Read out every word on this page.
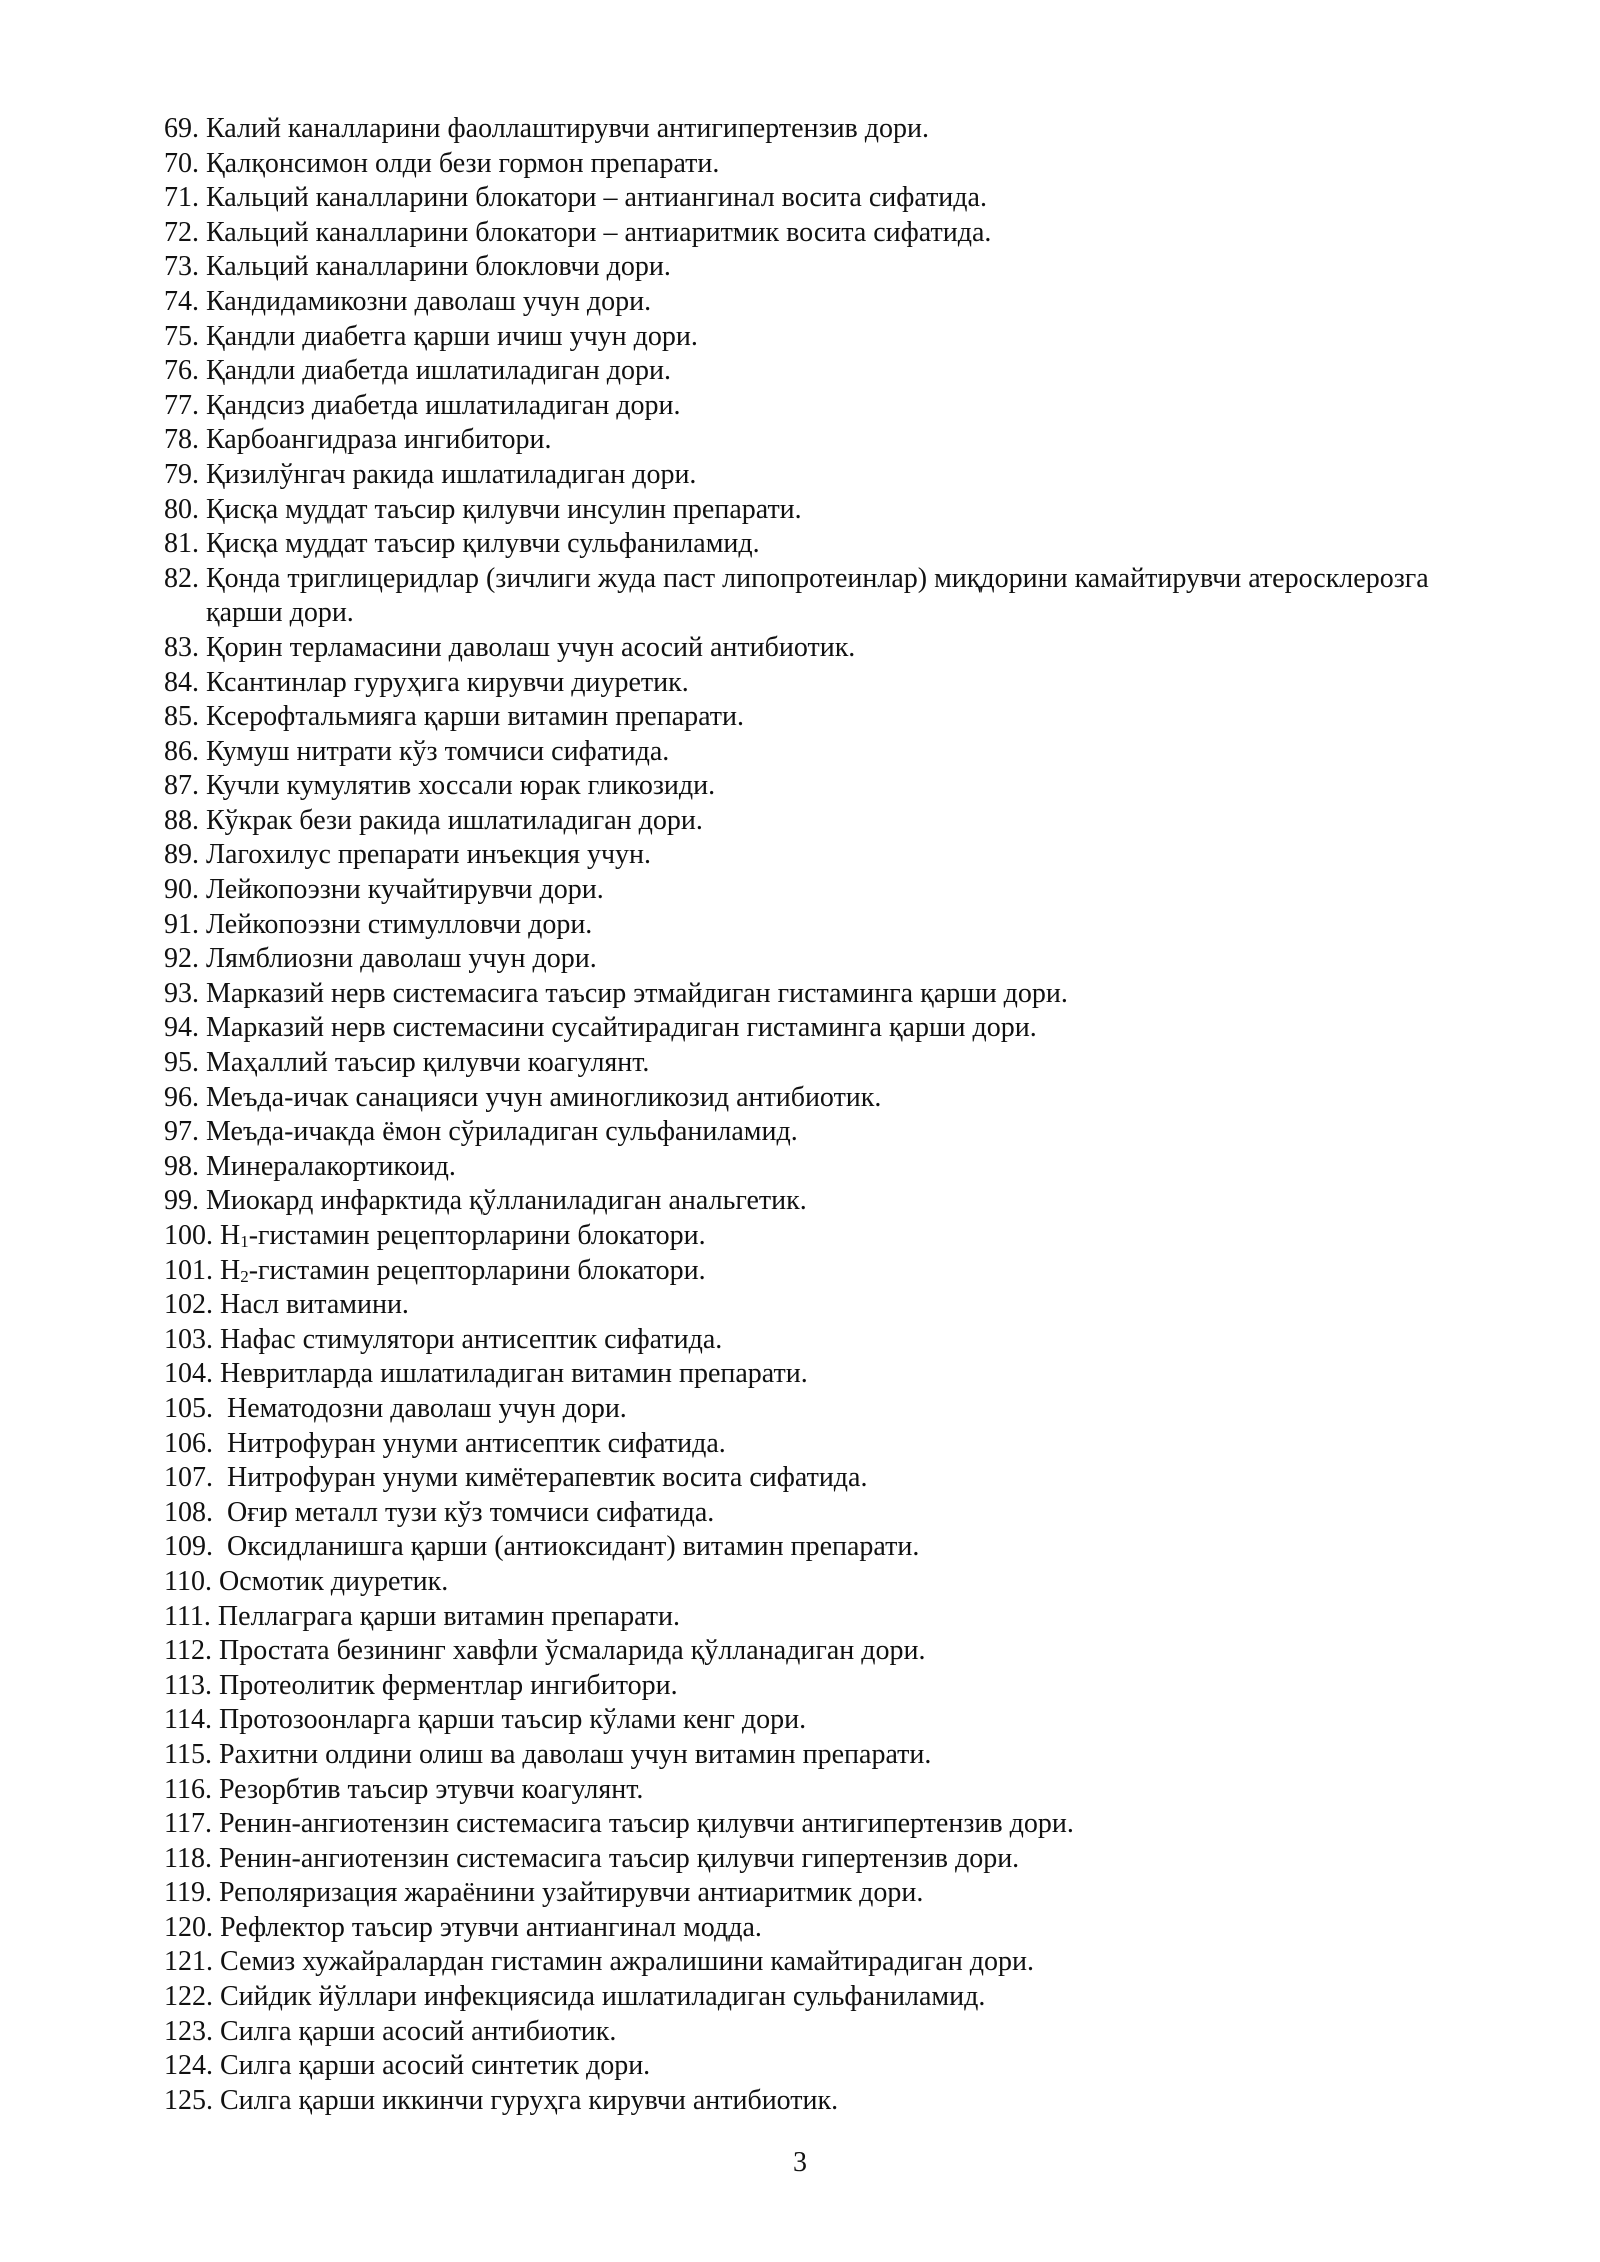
69. Калий каналларини фаоллаштирувчи антигипертензив дори.
70. Қалқонсимон олди бези гормон препарати.
71. Кальций каналларини блокатори – антиангинал восита сифатида.
72. Кальций каналларини блокатори – антиаритмик восита сифатида.
73. Кальций каналларини блокловчи дори.
74. Кандидамикозни даволаш учун дори.
75. Қандли диабетга қарши ичиш учун дори.
76. Қандли диабетда ишлатиладиган дори.
77. Қандсиз диабетда ишлатиладиган дори.
78. Карбоангидраза ингибитори.
79. Қизилўнгач ракида ишлатиладиган дори.
80. Қисқа муддат таъсир қилувчи инсулин препарати.
81. Қисқа муддат таъсир қилувчи сульфаниламид.
82. Қонда триглицеридлар (зичлиги жуда паст липопротеинлар) миқдорини камайтирувчи атеросклерозга қарши дори.
83. Қорин терламасини даволаш учун асосий антибиотик.
84. Ксантинлар гуруҳига кирувчи диуретик.
85. Ксерофтальмияга қарши витамин препарати.
86. Кумуш нитрати кўз томчиси сифатида.
87. Кучли кумулятив хоссали юрак гликозиди.
88. Кўкрак бези ракида ишлатиладиган дори.
89. Лагохилус препарати инъекция учун.
90. Лейкопоэзни кучайтирувчи дори.
91. Лейкопоэзни стимулловчи дори.
92. Лямблиозни даволаш учун дори.
93. Марказий нерв системасига таъсир этмайдиган гистаминга қарши дори.
94. Марказий нерв системасини сусайтирадиган гистаминга қарши дори.
95. Маҳаллий таъсир қилувчи коагулянт.
96. Меъда-ичак санацияси учун аминогликозид антибиотик.
97. Меъда-ичакда ёмон сўриладиган сульфаниламид.
98. Минералакортикоид.
99. Миокард инфарктида қўлланиладиган анальгетик.
100. $H_1$-гистамин рецепторларини блокатори.
101. $H_2$-гистамин рецепторларини блокатори.
102. Насл витамини.
103. Нафас стимулятори антисептик сифатида.
104. Невритларда ишлатиладиган витамин препарати.
105. Нематодозни даволаш учун дори.
106. Нитрофуран унуми антисептик сифатида.
107. Нитрофуран унуми кимётерапевтик восита сифатида.
108. Оғир металл тузи кўз томчиси сифатида.
109. Оксидланишга қарши (антиоксидант) витамин препарати.
110. Осмотик диуретик.
111. Пеллаграга қарши витамин препарати.
112. Простата безининг хавфли ўсмаларида қўлланадиган дори.
113. Протеолитик ферментлар ингибитори.
114. Протозоонларга қарши таъсир кўлами кенг дори.
115. Рахитни олдини олиш ва даволаш учун витамин препарати.
116. Резорбтив таъсир этувчи коагулянт.
117. Ренин-ангиотензин системасига таъсир қилувчи антигипертензив дори.
118. Ренин-ангиотензин системасига таъсир қилувчи гипертензив дори.
119. Реполяризация жараёнини узайтирувчи антиаритмик дори.
120. Рефлектор таъсир этувчи антиангинал модда.
121. Семиз хужайралардан гистамин ажралишини камайтирадиган дори.
122. Сийдик йўллари инфекциясида ишлатиладиган сульфаниламид.
123. Силга қарши асосий антибиотик.
124. Силга қарши асосий синтетик дори.
125. Силга қарши иккинчи гуруҳга кирувчи антибиотик.
3
